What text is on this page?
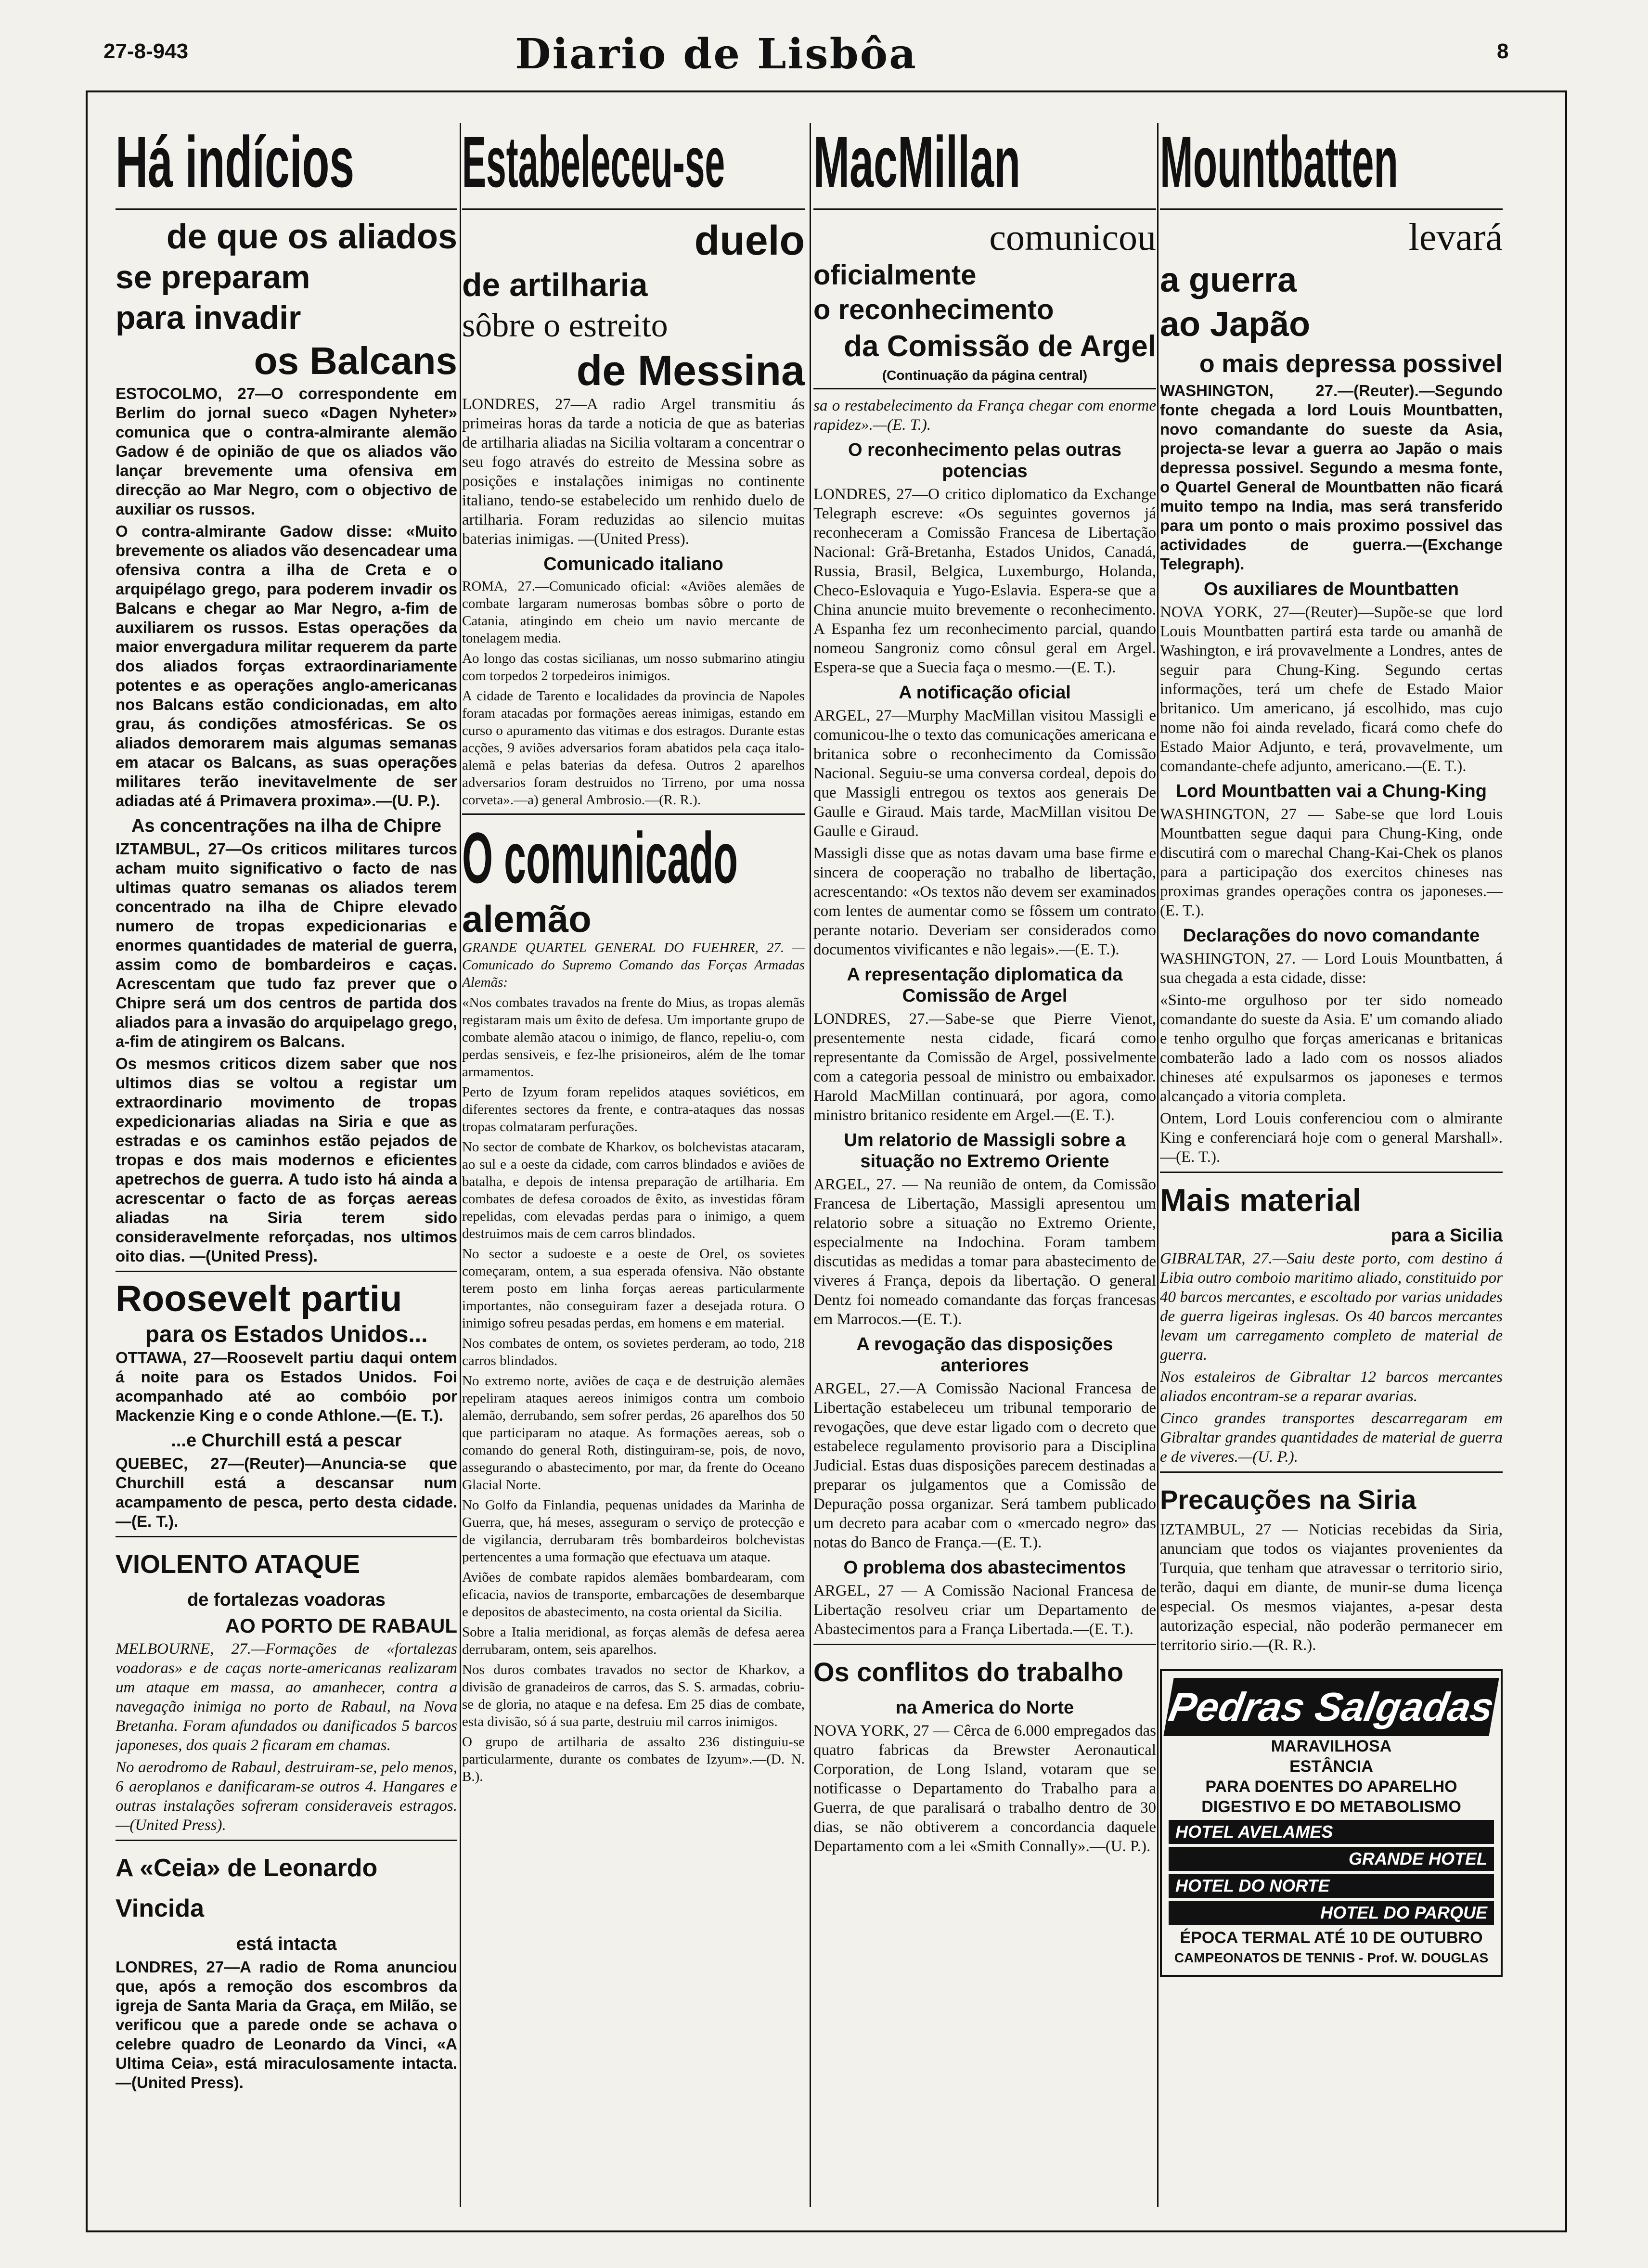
27-8-943	Diario de Lisbôa	8
Há indícios
de que os aliados
se preparam
para invadir
os Balcans
ESTOCOLMO, 27—O correspondente em Berlim do jornal sueco «Dagen Nyheter» comunica que o contra-almirante alemão Gadow é de opinião de que os aliados vão lançar brevemente uma ofensiva em direcção ao Mar Negro, com o objectivo de auxiliar os russos.
O contra-almirante Gadow disse: «Muito brevemente os aliados vão desencadear uma ofensiva contra a ilha de Creta e o arquipélago grego, para poderem invadir os Balcans e chegar ao Mar Negro, a-fim de auxiliarem os russos. Estas operações da maior envergadura militar requerem da parte dos aliados forças extraordinariamente potentes e as operações anglo-americanas nos Balcans estão condicionadas, em alto grau, ás condições atmosféricas. Se os aliados demorarem mais algumas semanas em atacar os Balcans, as suas operações militares terão inevitavelmente de ser adiadas até á Primavera proxima».—(U. P.).
As concentrações na ilha de Chipre
IZTAMBUL, 27—Os criticos militares turcos acham muito significativo o facto de nas ultimas quatro semanas os aliados terem concentrado na ilha de Chipre elevado numero de tropas expedicionarias e enormes quantidades de material de guerra, assim como de bombardeiros e caças. Acrescentam que tudo faz prever que o Chipre será um dos centros de partida dos aliados para a invasão do arquipelago grego, a-fim de atingirem os Balcans.
Os mesmos criticos dizem saber que nos ultimos dias se voltou a registar um extraordinario movimento de tropas expedicionarias aliadas na Siria e que as estradas e os caminhos estão pejados de tropas e dos mais modernos e eficientes apetrechos de guerra. A tudo isto há ainda a acrescentar o facto de as forças aereas aliadas na Siria terem sido consideravelmente reforçadas, nos ultimos oito dias. —(United Press).
Roosevelt partiu
para os Estados Unidos...
OTTAWA, 27—Roosevelt partiu daqui ontem á noite para os Estados Unidos. Foi acompanhado até ao combóio por Mackenzie King e o conde Athlone.—(E. T.).
...e Churchill está a pescar
QUEBEC, 27—(Reuter)—Anuncia-se que Churchill está a descansar num acampamento de pesca, perto desta cidade.—(E. T.).
VIOLENTO ATAQUE
de fortalezas voadoras
AO PORTO DE RABAUL
MELBOURNE, 27.—Formações de «fortalezas voadoras» e de caças norte-americanas realizaram um ataque em massa, ao amanhecer, contra a navegação inimiga no porto de Rabaul, na Nova Bretanha. Foram afundados ou danificados 5 barcos japoneses, dos quais 2 ficaram em chamas.
No aerodromo de Rabaul, destruiram-se, pelo menos, 6 aeroplanos e danificaram-se outros 4. Hangares e outras instalações sofreram consideraveis estragos.—(United Press).
A «Ceia» de Leonardo Vincida
está intacta
LONDRES, 27—A radio de Roma anunciou que, após a remoção dos escombros da igreja de Santa Maria da Graça, em Milão, se verificou que a parede onde se achava o celebre quadro de Leonardo da Vinci, «A Ultima Ceia», está miraculosamente intacta. —(United Press).
Estabeleceu-se
duelo
de artilharia
sôbre o estreito
de Messina
LONDRES, 27—A radio Argel transmitiu ás primeiras horas da tarde a noticia de que as baterias de artilharia aliadas na Sicilia voltaram a concentrar o seu fogo através do estreito de Messina sobre as posições e instalações inimigas no continente italiano, tendo-se estabelecido um renhido duelo de artilharia. Foram reduzidas ao silencio muitas baterias inimigas. —(United Press).
Comunicado italiano
ROMA, 27.—Comunicado oficial: «Aviões alemães de combate largaram numerosas bombas sôbre o porto de Catania, atingindo em cheio um navio mercante de tonelagem media.
Ao longo das costas sicilianas, um nosso submarino atingiu com torpedos 2 torpedeiros inimigos.
A cidade de Tarento e localidades da provincia de Napoles foram atacadas por formações aereas inimigas, estando em curso o apuramento das vitimas e dos estragos. Durante estas acções, 9 aviões adversarios foram abatidos pela caça italo-alemã e pelas baterias da defesa. Outros 2 aparelhos adversarios foram destruidos no Tirreno, por uma nossa corveta».—a) general Ambrosio.—(R. R.).
O comunicado
alemão
GRANDE QUARTEL GENERAL DO FUEHRER, 27. — Comunicado do Supremo Comando das Forças Armadas Alemãs:
«Nos combates travados na frente do Mius, as tropas alemãs registaram mais um êxito de defesa. Um importante grupo de combate alemão atacou o inimigo, de flanco, repeliu-o, com perdas sensiveis, e fez-lhe prisioneiros, além de lhe tomar armamentos.
Perto de Izyum foram repelidos ataques soviéticos, em diferentes sectores da frente, e contra-ataques das nossas tropas colmataram perfurações.
No sector de combate de Kharkov, os bolchevistas atacaram, ao sul e a oeste da cidade, com carros blindados e aviões de batalha, e depois de intensa preparação de artilharia. Em combates de defesa coroados de êxito, as investidas fôram repelidas, com elevadas perdas para o inimigo, a quem destruimos mais de cem carros blindados.
No sector a sudoeste e a oeste de Orel, os sovietes começaram, ontem, a sua esperada ofensiva. Não obstante terem posto em linha forças aereas particularmente importantes, não conseguiram fazer a desejada rotura. O inimigo sofreu pesadas perdas, em homens e em material.
Nos combates de ontem, os sovietes perderam, ao todo, 218 carros blindados.
No extremo norte, aviões de caça e de destruição alemães repeliram ataques aereos inimigos contra um comboio alemão, derrubando, sem sofrer perdas, 26 aparelhos dos 50 que participaram no ataque. As formações aereas, sob o comando do general Roth, distinguiram-se, pois, de novo, assegurando o abastecimento, por mar, da frente do Oceano Glacial Norte.
No Golfo da Finlandia, pequenas unidades da Marinha de Guerra, que, há meses, asseguram o serviço de protecção e de vigilancia, derrubaram três bombardeiros bolchevistas pertencentes a uma formação que efectuava um ataque.
Aviões de combate rapidos alemães bombardearam, com eficacia, navios de transporte, embarcações de desembarque e depositos de abastecimento, na costa oriental da Sicilia.
Sobre a Italia meridional, as forças alemãs de defesa aerea derrubaram, ontem, seis aparelhos.
Nos duros combates travados no sector de Kharkov, a divisão de granadeiros de carros, das S. S. armadas, cobriu-se de gloria, no ataque e na defesa. Em 25 dias de combate, esta divisão, só á sua parte, destruiu mil carros inimigos.
O grupo de artilharia de assalto 236 distinguiu-se particularmente, durante os combates de Izyum».—(D. N. B.).
MacMillan
comunicou
oficialmente
o reconhecimento
da Comissão de Argel
(Continuação da página central)
sa o restabelecimento da França chegar com enorme rapidez».—(E. T.).
O reconhecimento pelas outras potencias
LONDRES, 27—O critico diplomatico da Exchange Telegraph escreve: «Os seguintes governos já reconheceram a Comissão Francesa de Libertação Nacional: Grã-Bretanha, Estados Unidos, Canadá, Russia, Brasil, Belgica, Luxemburgo, Holanda, Checo-Eslovaquia e Yugo-Eslavia. Espera-se que a China anuncie muito brevemente o reconhecimento. A Espanha fez um reconhecimento parcial, quando nomeou Sangroniz como cônsul geral em Argel. Espera-se que a Suecia faça o mesmo.—(E. T.).
A notificação oficial
ARGEL, 27—Murphy MacMillan visitou Massigli e comunicou-lhe o texto das comunicações americana e britanica sobre o reconhecimento da Comissão Nacional. Seguiu-se uma conversa cordeal, depois do que Massigli entregou os textos aos generais De Gaulle e Giraud. Mais tarde, MacMillan visitou De Gaulle e Giraud.
Massigli disse que as notas davam uma base firme e sincera de cooperação no trabalho de libertação, acrescentando: «Os textos não devem ser examinados com lentes de aumentar como se fôssem um contrato perante notario. Deveriam ser considerados como documentos vivificantes e não legais».—(E. T.).
A representação diplomatica da Comissão de Argel
LONDRES, 27.—Sabe-se que Pierre Vienot, presentemente nesta cidade, ficará como representante da Comissão de Argel, possivelmente com a categoria pessoal de ministro ou embaixador. Harold MacMillan continuará, por agora, como ministro britanico residente em Argel.—(E. T.).
Um relatorio de Massigli sobre a situação no Extremo Oriente
ARGEL, 27. — Na reunião de ontem, da Comissão Francesa de Libertação, Massigli apresentou um relatorio sobre a situação no Extremo Oriente, especialmente na Indochina. Foram tambem discutidas as medidas a tomar para abastecimento de viveres á França, depois da libertação. O general Dentz foi nomeado comandante das forças francesas em Marrocos.—(E. T.).
A revogação das disposições anteriores
ARGEL, 27.—A Comissão Nacional Francesa de Libertação estabeleceu um tribunal temporario de revogações, que deve estar ligado com o decreto que estabelece regulamento provisorio para a Disciplina Judicial. Estas duas disposições parecem destinadas a preparar os julgamentos que a Comissão de Depuração possa organizar. Será tambem publicado um decreto para acabar com o «mercado negro» das notas do Banco de França.—(E. T.).
O problema dos abastecimentos
ARGEL, 27 — A Comissão Nacional Francesa de Libertação resolveu criar um Departamento de Abastecimentos para a França Libertada.—(E. T.).
Os conflitos do trabalho
na America do Norte
NOVA YORK, 27 — Cêrca de 6.000 empregados das quatro fabricas da Brewster Aeronautical Corporation, de Long Island, votaram que se notificasse o Departamento do Trabalho para a Guerra, de que paralisará o trabalho dentro de 30 dias, se não obtiverem a concordancia daquele Departamento com a lei «Smith Connally».—(U. P.).
Mountbatten
levará
a guerra
ao Japão
o mais depressa possivel
WASHINGTON, 27.—(Reuter).—Segundo fonte chegada a lord Louis Mountbatten, novo comandante do sueste da Asia, projecta-se levar a guerra ao Japão o mais depressa possivel. Segundo a mesma fonte, o Quartel General de Mountbatten não ficará muito tempo na India, mas será transferido para um ponto o mais proximo possivel das actividades de guerra.—(Exchange Telegraph).
Os auxiliares de Mountbatten
NOVA YORK, 27—(Reuter)—Supõe-se que lord Louis Mountbatten partirá esta tarde ou amanhã de Washington, e irá provavelmente a Londres, antes de seguir para Chung-King. Segundo certas informações, terá um chefe de Estado Maior britanico. Um americano, já escolhido, mas cujo nome não foi ainda revelado, ficará como chefe do Estado Maior Adjunto, e terá, provavelmente, um comandante-chefe adjunto, americano.—(E. T.).
Lord Mountbatten vai a Chung-King
WASHINGTON, 27 — Sabe-se que lord Louis Mountbatten segue daqui para Chung-King, onde discutirá com o marechal Chang-Kai-Chek os planos para a participação dos exercitos chineses nas proximas grandes operações contra os japoneses.—(E. T.).
Declarações do novo comandante
WASHINGTON, 27. — Lord Louis Mountbatten, á sua chegada a esta cidade, disse:
«Sinto-me orgulhoso por ter sido nomeado comandante do sueste da Asia. E' um comando aliado e tenho orgulho que forças americanas e britanicas combaterão lado a lado com os nossos aliados chineses até expulsarmos os japoneses e termos alcançado a vitoria completa.
Ontem, Lord Louis conferenciou com o almirante King e conferenciará hoje com o general Marshall».—(E. T.).
Mais material
para a Sicilia
GIBRALTAR, 27.—Saiu deste porto, com destino á Libia outro comboio maritimo aliado, constituido por 40 barcos mercantes, e escoltado por varias unidades de guerra ligeiras inglesas. Os 40 barcos mercantes levam um carregamento completo de material de guerra.
Nos estaleiros de Gibraltar 12 barcos mercantes aliados encontram-se a reparar avarias.
Cinco grandes transportes descarregaram em Gibraltar grandes quantidades de material de guerra e de viveres.—(U. P.).
Precauções na Siria
IZTAMBUL, 27 — Noticias recebidas da Siria, anunciam que todos os viajantes provenientes da Turquia, que tenham que atravessar o territorio sirio, terão, daqui em diante, de munir-se duma licença especial. Os mesmos viajantes, a-pesar desta autorização especial, não poderão permanecer em territorio sirio.—(R. R.).
Pedras Salgadas
MARAVILHOSA
ESTÂNCIA
PARA DOENTES DO APARELHO
DIGESTIVO E DO METABOLISMO
HOTEL AVELAMES
GRANDE HOTEL
HOTEL DO NORTE
HOTEL DO PARQUE
ÉPOCA TERMAL ATÉ 10 DE OUTUBRO
CAMPEONATOS DE TENNIS - Prof. W. DOUGLAS
